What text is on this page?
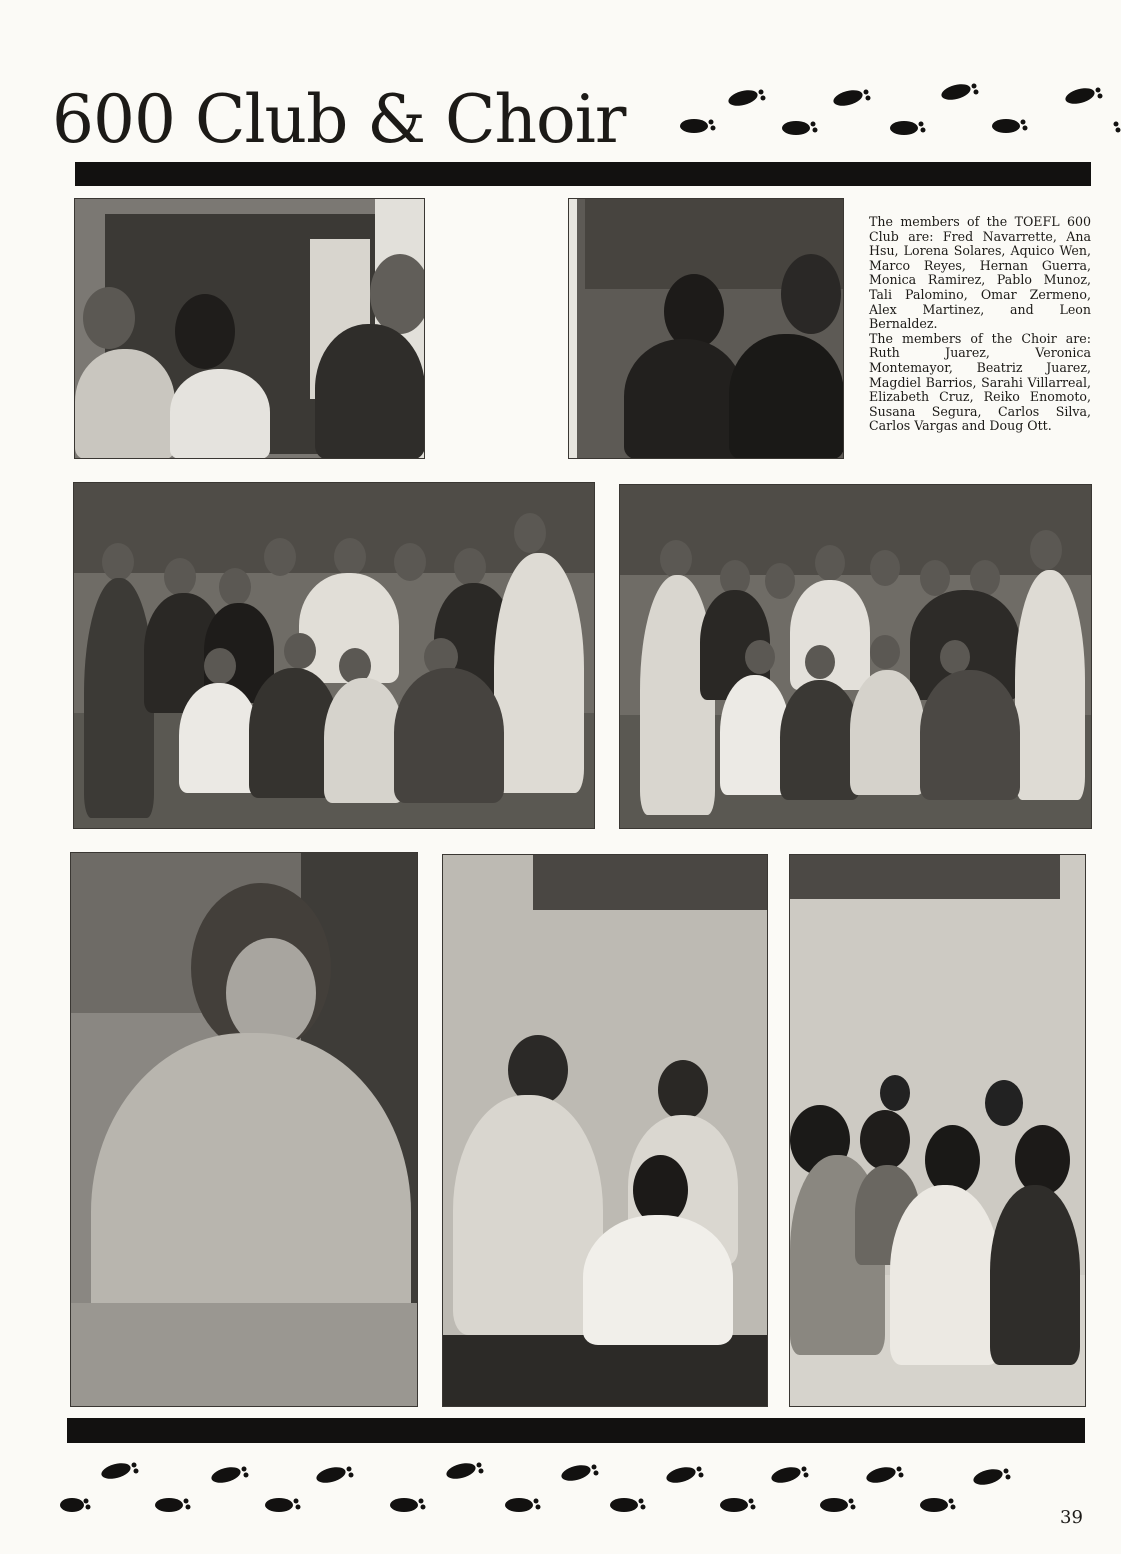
600 Club & Choir

The members of the TOEFL 600 Club are: Fred Navarrette, Ana Hsu, Lorena Solares, Aquico Wen, Marco Reyes, Hernan Guerra, Monica Ramirez, Pablo Munoz, Tali Palomino, Omar Zermeno, Alex Martinez, and Leon Bernaldez.

The members of the Choir are: Ruth Juarez, Veronica Montemayor, Beatriz Juarez, Magdiel Barrios, Sarahi Villarreal, Elizabeth Cruz, Reiko Enomoto, Susana Segura, Carlos Silva, Carlos Vargas and Doug Ott.

39
